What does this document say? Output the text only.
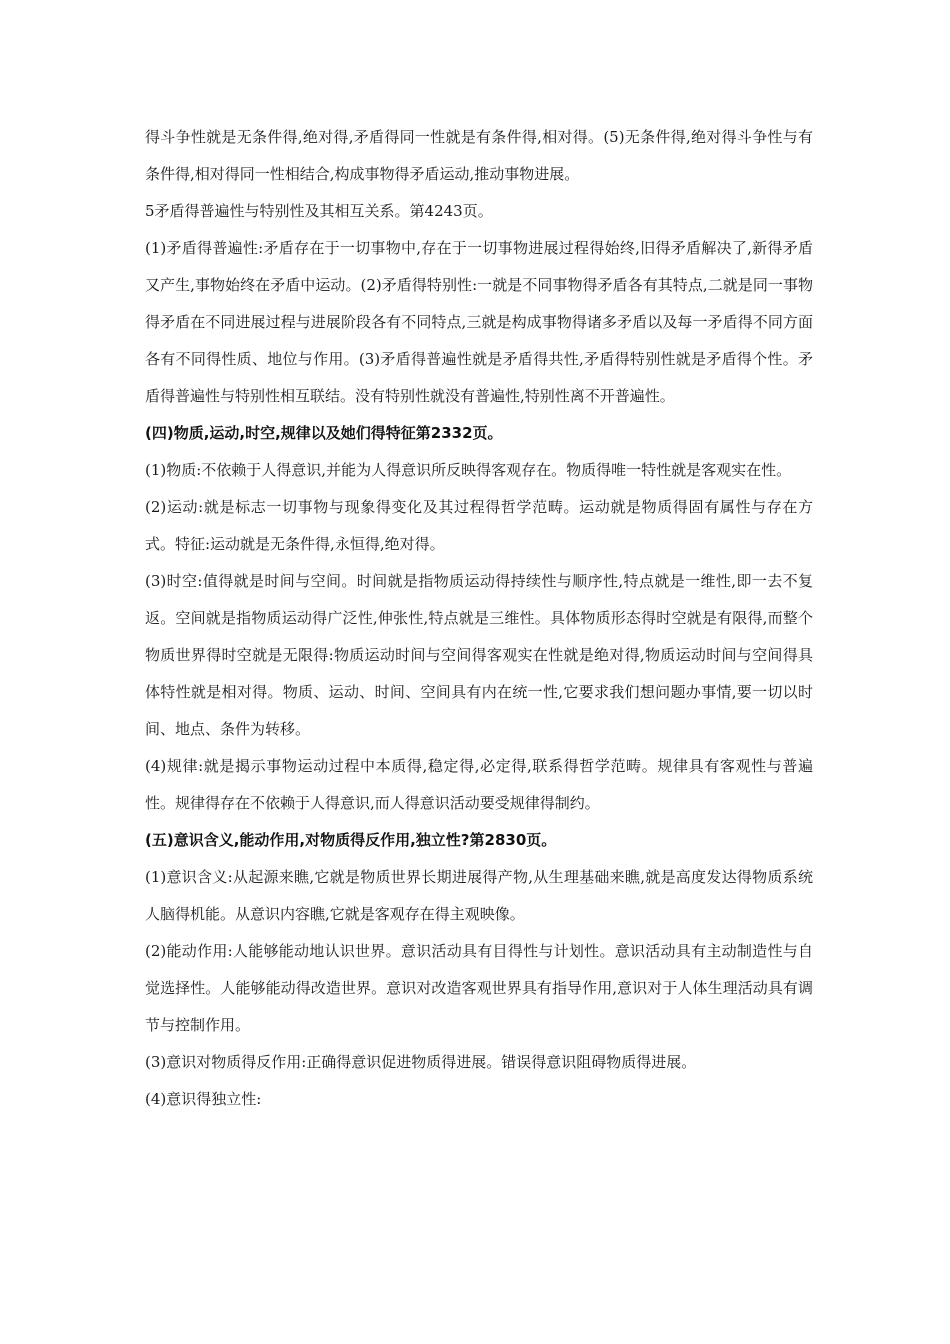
得斗争性就是无条件得,绝对得,矛盾得同一性就是有条件得,相对得。(5)无条件得,绝对得斗争性与有条件得,相对得同一性相结合,构成事物得矛盾运动,推动事物进展。

5矛盾得普遍性与特别性及其相互关系。第4243页。

(1)矛盾得普遍性:矛盾存在于一切事物中,存在于一切事物进展过程得始终,旧得矛盾解决了,新得矛盾又产生,事物始终在矛盾中运动。(2)矛盾得特别性:一就是不同事物得矛盾各有其特点,二就是同一事物得矛盾在不同进展过程与进展阶段各有不同特点,三就是构成事物得诸多矛盾以及每一矛盾得不同方面各有不同得性质、地位与作用。(3)矛盾得普遍性就是矛盾得共性,矛盾得特别性就是矛盾得个性。矛盾得普遍性与特别性相互联结。没有特别性就没有普遍性,特别性离不开普遍性。

(四)物质,运动,时空,规律以及她们得特征第2332页。

(1)物质:不依赖于人得意识,并能为人得意识所反映得客观存在。物质得唯一特性就是客观实在性。

(2)运动:就是标志一切事物与现象得变化及其过程得哲学范畴。运动就是物质得固有属性与存在方式。特征:运动就是无条件得,永恒得,绝对得。

(3)时空:值得就是时间与空间。时间就是指物质运动得持续性与顺序性,特点就是一维性,即一去不复返。空间就是指物质运动得广泛性,伸张性,特点就是三维性。具体物质形态得时空就是有限得,而整个物质世界得时空就是无限得:物质运动时间与空间得客观实在性就是绝对得,物质运动时间与空间得具体特性就是相对得。物质、运动、时间、空间具有内在统一性,它要求我们想问题办事情,要一切以时间、地点、条件为转移。

(4)规律:就是揭示事物运动过程中本质得,稳定得,必定得,联系得哲学范畴。规律具有客观性与普遍性。规律得存在不依赖于人得意识,而人得意识活动要受规律得制约。

(五)意识含义,能动作用,对物质得反作用,独立性?第2830页。

(1)意识含义:从起源来瞧,它就是物质世界长期进展得产物,从生理基础来瞧,就是高度发达得物质系统人脑得机能。从意识内容瞧,它就是客观存在得主观映像。

(2)能动作用:人能够能动地认识世界。意识活动具有目得性与计划性。意识活动具有主动制造性与自觉选择性。人能够能动得改造世界。意识对改造客观世界具有指导作用,意识对于人体生理活动具有调节与控制作用。

(3)意识对物质得反作用:正确得意识促进物质得进展。错误得意识阻碍物质得进展。

(4)意识得独立性:
